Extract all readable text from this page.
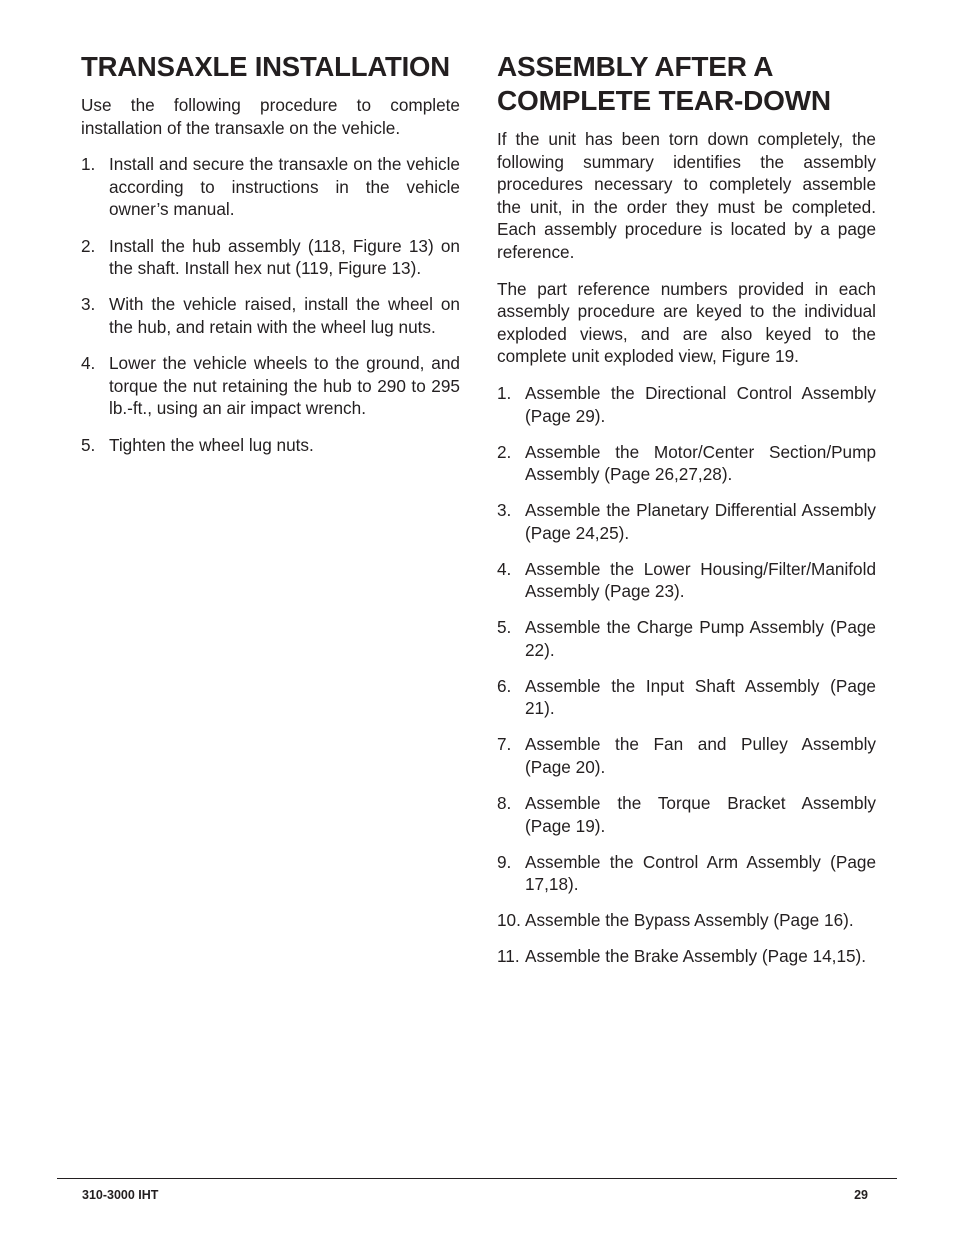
TRANSAXLE INSTALLATION

Use the following procedure to complete installation of the transaxle on the vehicle.

1. Install and secure the transaxle on the vehicle according to instructions in the vehicle owner’s manual.
2. Install the hub assembly (118, Figure 13) on the shaft. Install hex nut (119, Figure 13).
3. With the vehicle raised, install the wheel on the hub, and retain with the wheel lug nuts.
4. Lower the vehicle wheels to the ground, and torque the nut retaining the hub to 290 to 295 lb.-ft., using an air impact wrench.
5. Tighten the wheel lug nuts.
ASSEMBLY AFTER A
COMPLETE TEAR-DOWN

If the unit has been torn down completely, the following summary identifies the assembly procedures necessary to completely assemble the unit, in the order they must be completed. Each assembly procedure is located by a page reference.

The part reference numbers provided in each assembly procedure are keyed to the individual exploded views, and are also keyed to the complete unit exploded view, Figure 19.

1. Assemble the Directional Control Assembly (Page 29).
2. Assemble the Motor/Center Section/Pump Assembly (Page 26,27,28).
3. Assemble the Planetary Differential Assembly (Page 24,25).
4. Assemble the Lower Housing/Filter/Manifold Assembly (Page 23).
5. Assemble the Charge Pump Assembly (Page 22).
6. Assemble the Input Shaft Assembly (Page 21).
7. Assemble the Fan and Pulley Assembly (Page 20).
8. Assemble the Torque Bracket Assembly (Page 19).
9. Assemble the Control Arm Assembly (Page 17,18).
10. Assemble the Bypass Assembly (Page 16).
11. Assemble the Brake Assembly (Page 14,15).
310-3000 IHT	29
